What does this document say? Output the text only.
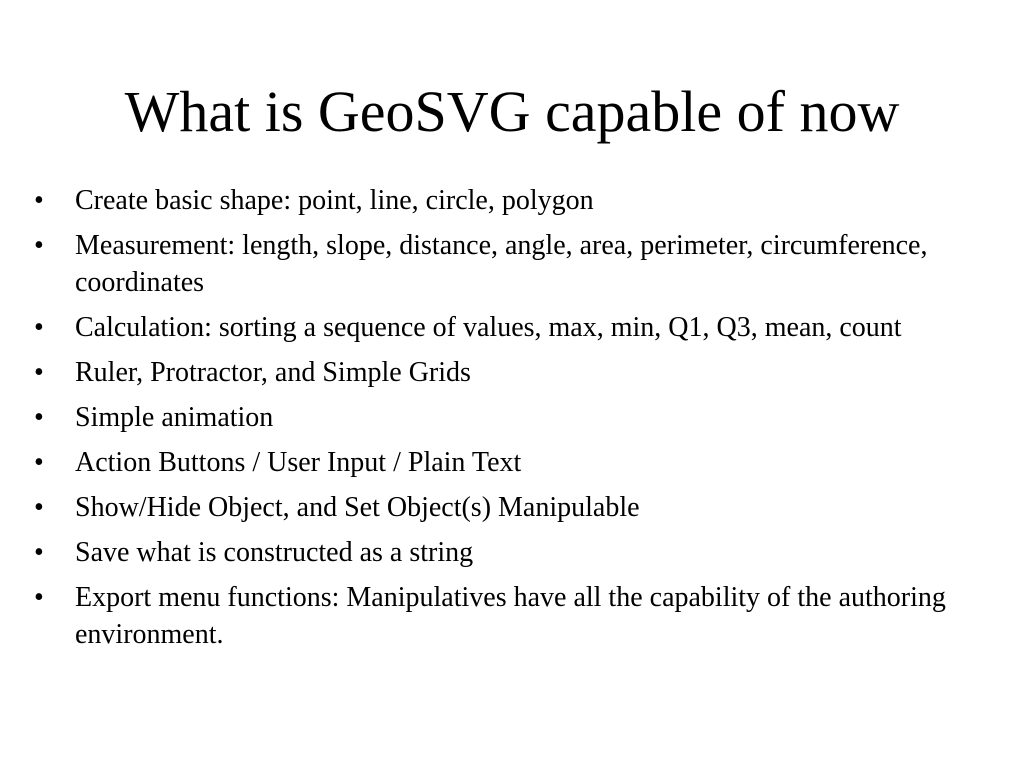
What is GeoSVG capable of now
•	Create basic shape: point, line, circle, polygon
•	Measurement: length, slope, distance, angle, area, perimeter, circumference, coordinates
•	Calculation: sorting a sequence of values, max, min, Q1, Q3, mean, count
•	Ruler, Protractor, and Simple Grids
•	Simple animation
•	Action Buttons / User Input / Plain Text
•	Show/Hide Object, and Set Object(s) Manipulable
•	Save what is constructed as a string
•	Export menu functions: Manipulatives have all the capability of the authoring environment.
